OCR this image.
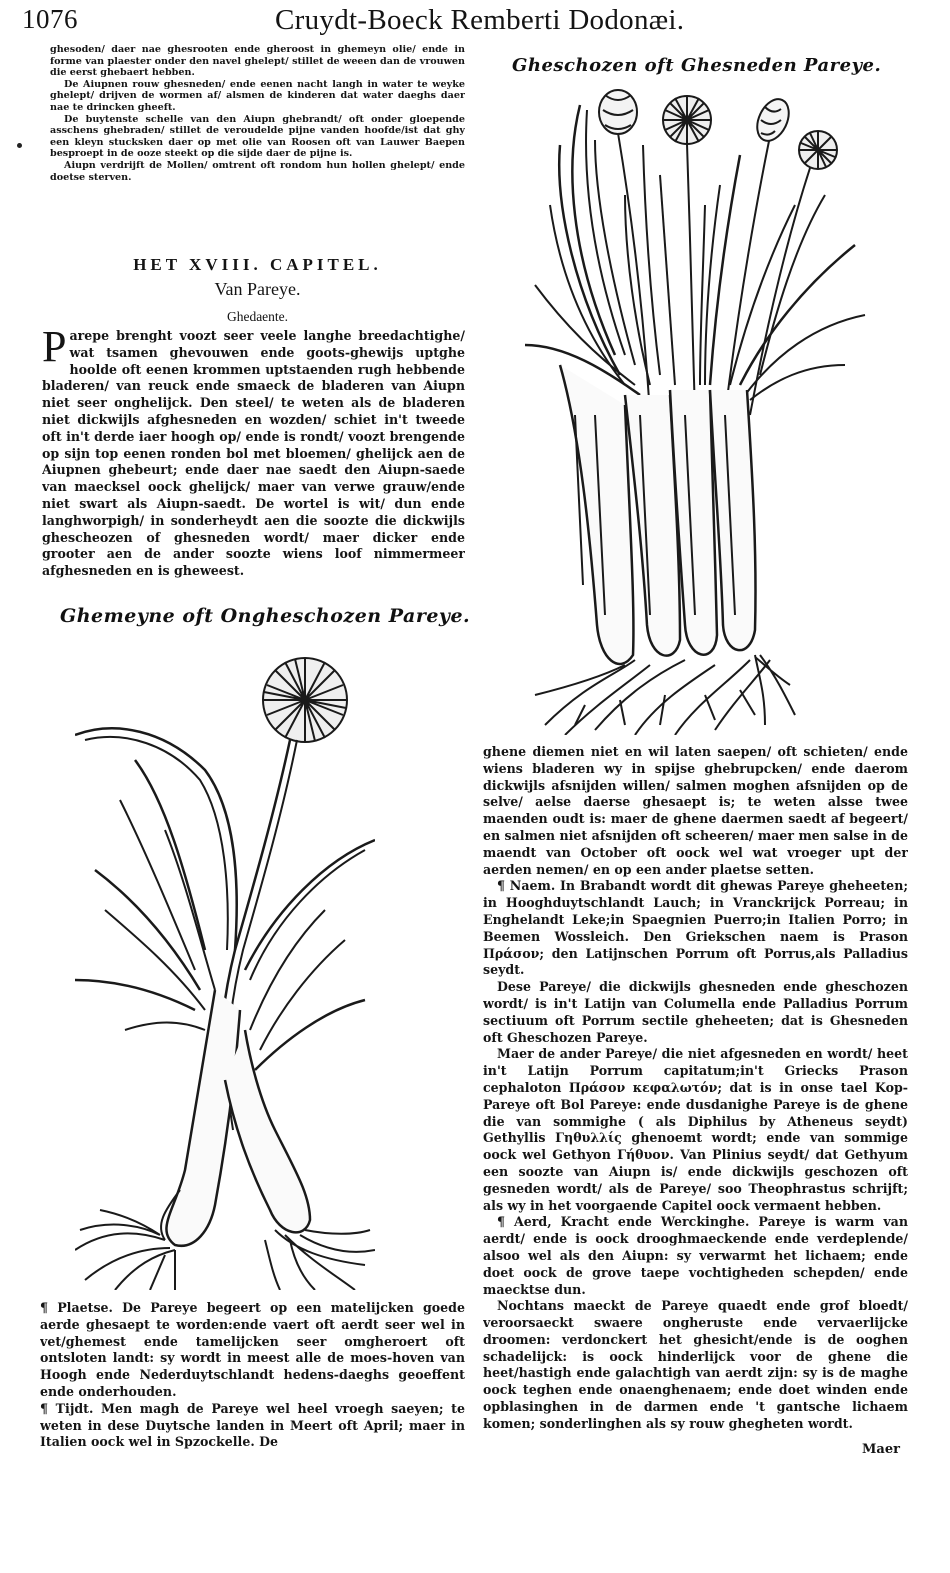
1076	Cruydt-Boeck Remberti Dodonæi.

ghesoden/ daer nae ghesrooten ende gheroost in ghemeyn olie/ ende in forme van plaester onder den navel ghelept/ stillet de weeen dan de vrouwen die eerst ghebaert hebben.

De Aiupnen rouw ghesneden/ ende eenen nacht langh in water te weyke ghelept/ drijven de wormen af/ alsmen de kinderen dat water daeghs daer nae te drincken gheeft.

De buytenste schelle van den Aiupn ghebrandt/ oft onder gloepende asschens ghebraden/ stillet de veroudelde pijne vanden hoofde/ist dat ghy een kleyn stucksken daer op met olie van Roosen oft van Lauwer Baepen besproept in de ooze steekt op die sijde daer de pijne is.

Aiupn verdrijft de Mollen/ omtrent oft rondom hun hollen ghelept/ ende doetse sterven.

HET XVIII. CAPITEL.
Van Pareye.
Ghedaente.
P arepe brenght voozt seer veele langhe breedachtighe/ wat tsamen ghevouwen ende goots-ghewijs uptghe hoolde oft eenen krommen uptstaenden rugh hebbende bladeren/ van reuck ende smaeck de bladeren van Aiupn niet seer onghelijck. Den steel/ te weten als de bladeren niet dickwijls afghesneden en wozden/ schiet in't tweede oft in't derde iaer hoogh op/ ende is rondt/ voozt brengende op sijn top eenen ronden bol met bloemen/ ghelijck aen de Aiupnen ghebeurt; ende daer nae saedt den Aiupn-saede van maecksel oock ghelijck/ maer van verwe grauw/ende niet swart als Aiupn-saedt. De wortel is wit/ dun ende langhworpigh/ in sonderheydt aen die soozte die dickwijls ghescheozen of ghesneden wordt/ maer dicker ende grooter aen de ander soozte wiens loof nimmermeer afghesneden en is gheweest.
Gheschozen oft Ghesneden Pareye.
Ghemeyne oft Ongheschozen Pareye.

¶ Plaetse. De Pareye begeert op een matelijcken goede aerde ghesaept te worden:ende vaert oft aerdt seer wel in vet/ghemest ende tamelijcken seer omgheroert oft ontsloten landt: sy wordt in meest alle de moes-hoven van Hoogh ende Nederduytschlandt hedens-daeghs geoeffent ende onderhouden.

¶ Tijdt. Men magh de Pareye wel heel vroegh saeyen; te weten in dese Duytsche landen in Meert oft April; maer in Italien oock wel in Spzockelle. De

ghene diemen niet en wil laten saepen/ oft schieten/ ende wiens bladeren wy in spijse ghebrupcken/ ende daerom dickwijls afsnijden willen/ salmen moghen afsnijden op de selve/ aelse daerse ghesaept is; te weten alsse twee maenden oudt is: maer de ghene daermen saedt af begeert/ en salmen niet afsnijden oft scheeren/ maer men salse in de maendt van October oft oock wel wat vroeger upt der aerden nemen/ en op een ander plaetse setten.

¶ Naem. In Brabandt wordt dit ghewas Pareye gheheeten; in Hooghduytschlandt Lauch; in Vranckrijck Porreau; in Enghelandt Leke;in Spaegnien Puerro;in Italien Porro; in Beemen Wossleich. Den Griekschen naem is Prason Πράσον; den Latijnschen Porrum oft Porrus,als Palladius seydt.

Dese Pareye/ die dickwijls ghesneden ende gheschozen wordt/ is in't Latijn van Columella ende Palladius Porrum sectiuum oft Porrum sectile gheheeten; dat is Ghesneden oft Gheschozen Pareye.

Maer de ander Pareye/ die niet afgesneden en wordt/ heet in't Latijn Porrum capitatum;in't Griecks Prason cephaloton Πράσον κεφαλωτόν; dat is in onse tael Kop-Pareye oft Bol Pareye: ende dusdanighe Pareye is de ghene die van sommighe ( als Diphilus by Atheneus seydt) Gethyllis Γηθυλλίς ghenoemt wordt; ende van sommige oock wel Gethyon Γήθυον. Van Plinius seydt/ dat Gethyum een soozte van Aiupn is/ ende dickwijls geschozen oft gesneden wordt/ als de Pareye/ soo Theophrastus schrijft; als wy in het voorgaende Capitel oock vermaent hebben.

¶ Aerd, Kracht ende Werckinghe. Pareye is warm van aerdt/ ende is oock drooghmaeckende ende verdeplende/ alsoo wel als den Aiupn: sy verwarmt het lichaem; ende doet oock de grove taepe vochtigheden schepden/ ende maecktse dun.

Nochtans maeckt de Pareye quaedt ende grof bloedt/ veroorsaeckt swaere ongheruste ende vervaerlijcke droomen: verdonckert het ghesicht/ende is de ooghen schadelijck: is oock hinderlijck voor de ghene die heet/hastigh ende galachtigh van aerdt zijn: sy is de maghe oock teghen ende onaenghenaem; ende doet winden ende opblasinghen in de darmen ende 't gantsche lichaem komen; sonderlinghen als sy rouw ghegheten wordt.

Maer
